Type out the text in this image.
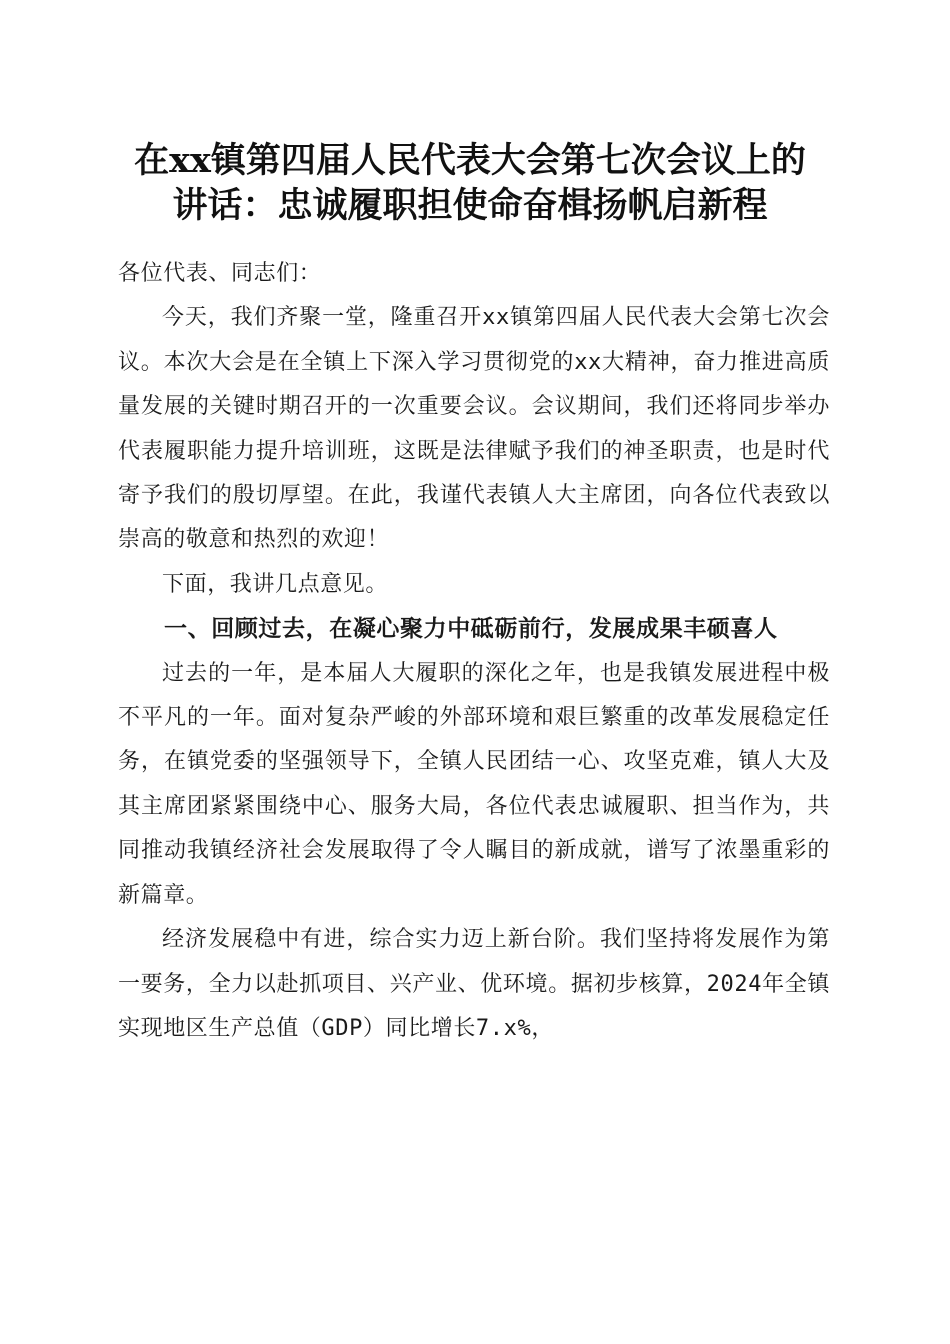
在xx镇第四届人民代表大会第七次会议上的
讲话：忠诚履职担使命奋楫扬帆启新程

各位代表、同志们：

今天，我们齐聚一堂，隆重召开xx镇第四届人民代表大会第七次会议。本次大会是在全镇上下深入学习贯彻党的xx大精神，奋力推进高质量发展的关键时期召开的一次重要会议。会议期间，我们还将同步举办代表履职能力提升培训班，这既是法律赋予我们的神圣职责，也是时代寄予我们的殷切厚望。在此，我谨代表镇人大主席团，向各位代表致以崇高的敬意和热烈的欢迎！

下面，我讲几点意见。

一、回顾过去，在凝心聚力中砥砺前行，发展成果丰硕喜人

过去的一年，是本届人大履职的深化之年，也是我镇发展进程中极不平凡的一年。面对复杂严峻的外部环境和艰巨繁重的改革发展稳定任务，在镇党委的坚强领导下，全镇人民团结一心、攻坚克难，镇人大及其主席团紧紧围绕中心、服务大局，各位代表忠诚履职、担当作为，共同推动我镇经济社会发展取得了令人瞩目的新成就，谱写了浓墨重彩的新篇章。

经济发展稳中有进，综合实力迈上新台阶。我们坚持将发展作为第一要务，全力以赴抓项目、兴产业、优环境。据初步核算，2024年全镇实现地区生产总值（GDP）同比增长7.x%，
